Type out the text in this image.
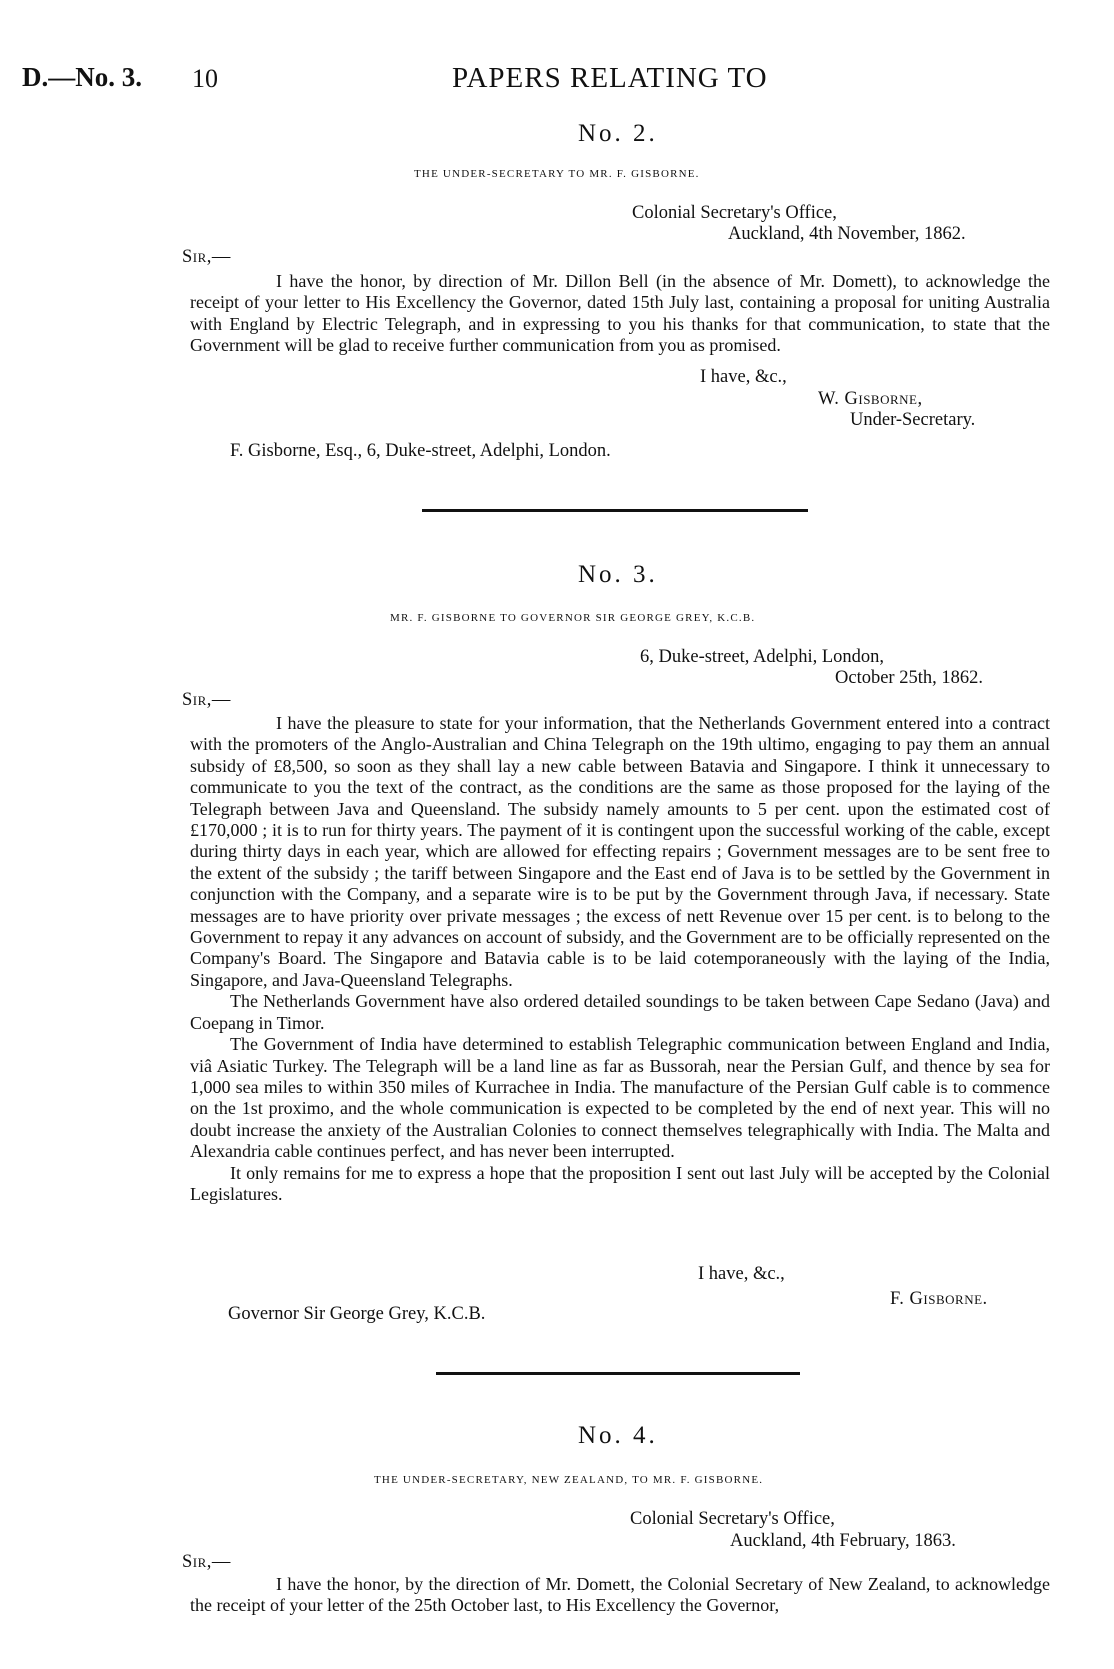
D.—No. 3. 10	PAPERS RELATING TO
No. 2.
THE UNDER-SECRETARY TO MR. F. GISBORNE.
Colonial Secretary's Office,
Auckland, 4th November, 1862.
Sir,—

I have the honor, by direction of Mr. Dillon Bell (in the absence of Mr. Domett), to acknowledge the receipt of your letter to His Excellency the Governor, dated 15th July last, containing a proposal for uniting Australia with England by Electric Telegraph, and in expressing to you his thanks for that communication, to state that the Government will be glad to receive further communication from you as promised.

I have, &c.,
W. Gisborne,
Under-Secretary.
F. Gisborne, Esq., 6, Duke-street, Adelphi, London.
No. 3.
MR. F. GISBORNE TO GOVERNOR SIR GEORGE GREY, K.C.B.
6, Duke-street, Adelphi, London,
October 25th, 1862.
Sir,—

I have the pleasure to state for your information, that the Netherlands Government entered into a contract with the promoters of the Anglo-Australian and China Telegraph on the 19th ultimo, engaging to pay them an annual subsidy of £8,500, so soon as they shall lay a new cable between Batavia and Singapore. I think it unnecessary to communicate to you the text of the contract, as the conditions are the same as those proposed for the laying of the Telegraph between Java and Queensland. The subsidy namely amounts to 5 per cent. upon the estimated cost of £170,000 ; it is to run for thirty years. The payment of it is contingent upon the successful working of the cable, except during thirty days in each year, which are allowed for effecting repairs ; Government messages are to be sent free to the extent of the subsidy ; the tariff between Singapore and the East end of Java is to be settled by the Government in conjunction with the Company, and a separate wire is to be put by the Government through Java, if necessary. State messages are to have priority over private messages ; the excess of nett Revenue over 15 per cent. is to belong to the Government to repay it any advances on account of subsidy, and the Government are to be officially represented on the Company's Board. The Singapore and Batavia cable is to be laid cotemporaneously with the laying of the India, Singapore, and Java-Queensland Telegraphs.

The Netherlands Government have also ordered detailed soundings to be taken between Cape Sedano (Java) and Coepang in Timor.

The Government of India have determined to establish Telegraphic communication between England and India, viâ Asiatic Turkey. The Telegraph will be a land line as far as Bussorah, near the Persian Gulf, and thence by sea for 1,000 sea miles to within 350 miles of Kurrachee in India. The manufacture of the Persian Gulf cable is to commence on the 1st proximo, and the whole communication is expected to be completed by the end of next year. This will no doubt increase the anxiety of the Australian Colonies to connect themselves telegraphically with India. The Malta and Alexandria cable continues perfect, and has never been interrupted.

It only remains for me to express a hope that the proposition I sent out last July will be accepted by the Colonial Legislatures.

I have, &c.,
F. Gisborne.
Governor Sir George Grey, K.C.B.
No. 4.
THE UNDER-SECRETARY, NEW ZEALAND, TO MR. F. GISBORNE.
Colonial Secretary's Office,
Auckland, 4th February, 1863.
Sir,—

I have the honor, by the direction of Mr. Domett, the Colonial Secretary of New Zealand, to acknowledge the receipt of your letter of the 25th October last, to His Excellency the Governor,
